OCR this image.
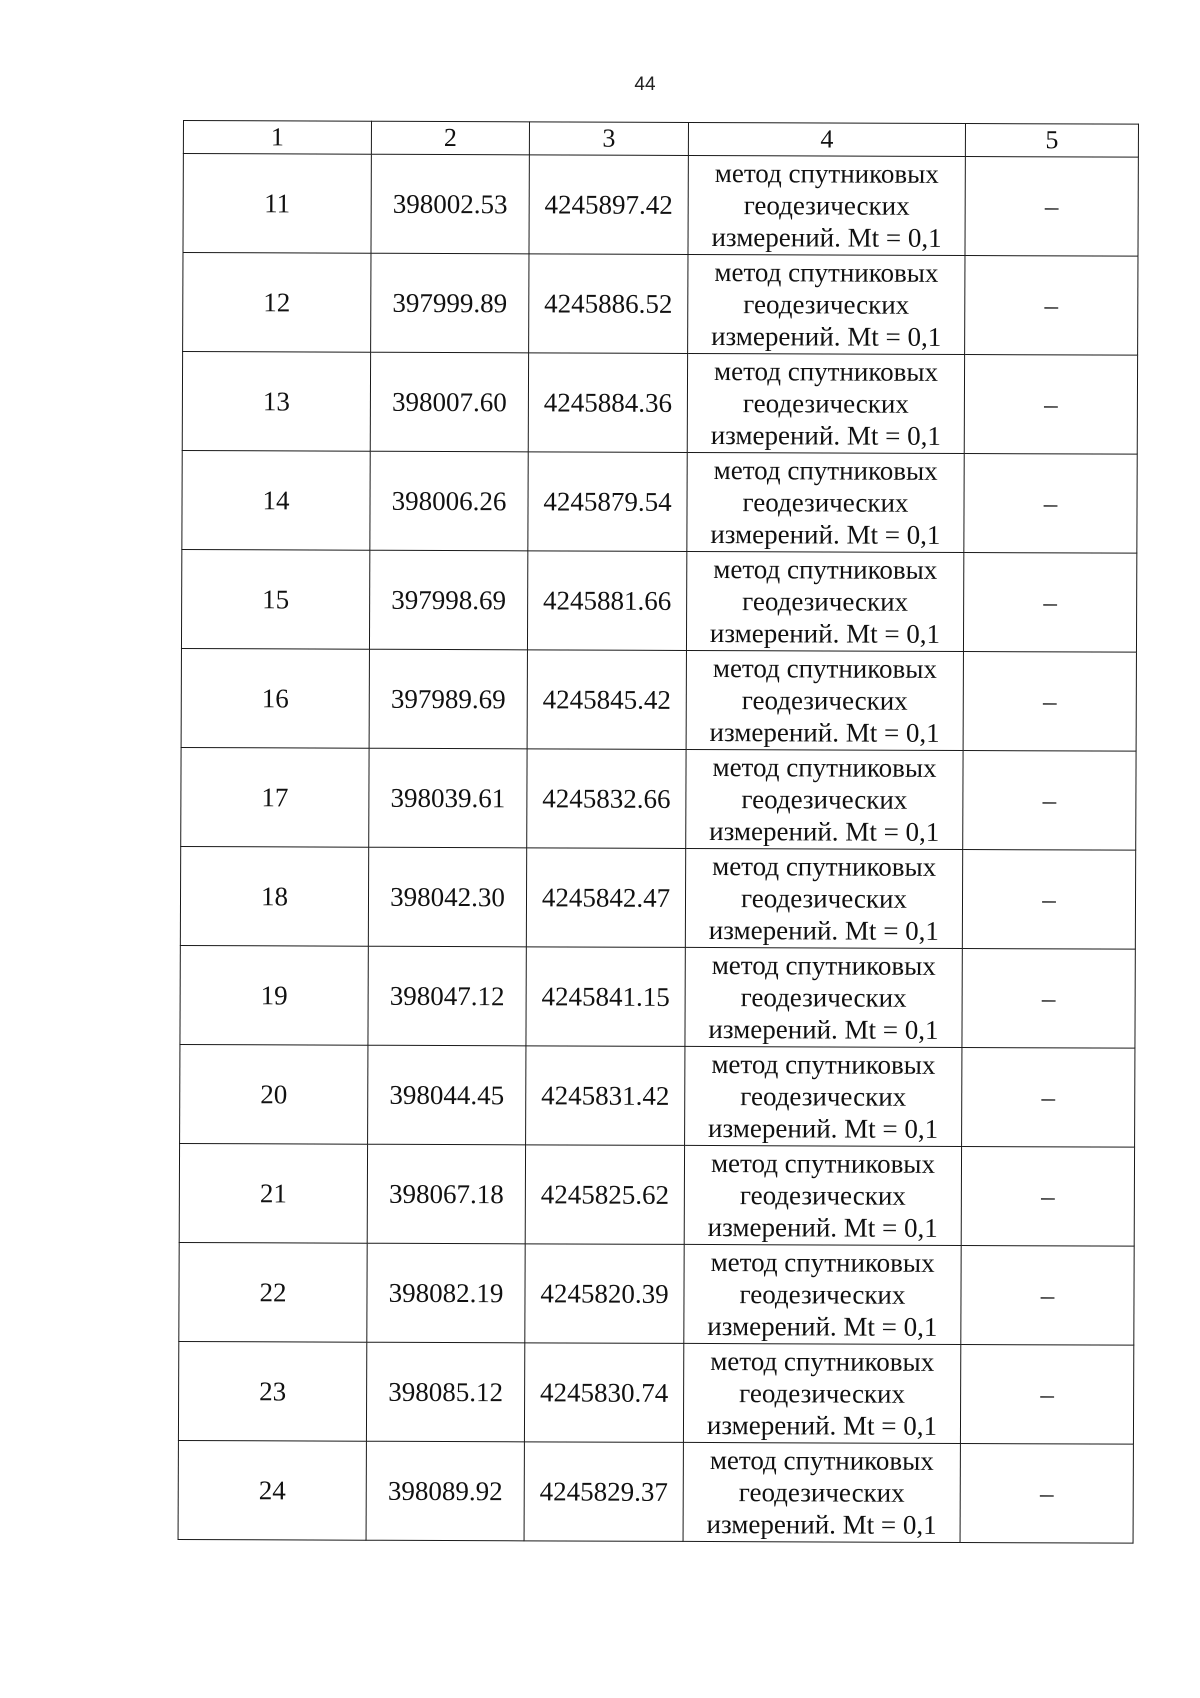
44
1	2	3	4	5
11	398002.53	4245897.42	метод спутниковых
геодезических
измерений. Mt = 0,1	–
12	397999.89	4245886.52	метод спутниковых
геодезических
измерений. Mt = 0,1	–
13	398007.60	4245884.36	метод спутниковых
геодезических
измерений. Mt = 0,1	–
14	398006.26	4245879.54	метод спутниковых
геодезических
измерений. Mt = 0,1	–
15	397998.69	4245881.66	метод спутниковых
геодезических
измерений. Mt = 0,1	–
16	397989.69	4245845.42	метод спутниковых
геодезических
измерений. Mt = 0,1	–
17	398039.61	4245832.66	метод спутниковых
геодезических
измерений. Mt = 0,1	–
18	398042.30	4245842.47	метод спутниковых
геодезических
измерений. Mt = 0,1	–
19	398047.12	4245841.15	метод спутниковых
геодезических
измерений. Mt = 0,1	–
20	398044.45	4245831.42	метод спутниковых
геодезических
измерений. Mt = 0,1	–
21	398067.18	4245825.62	метод спутниковых
геодезических
измерений. Mt = 0,1	–
22	398082.19	4245820.39	метод спутниковых
геодезических
измерений. Mt = 0,1	–
23	398085.12	4245830.74	метод спутниковых
геодезических
измерений. Mt = 0,1	–
24	398089.92	4245829.37	метод спутниковых
геодезических
измерений. Mt = 0,1	–
